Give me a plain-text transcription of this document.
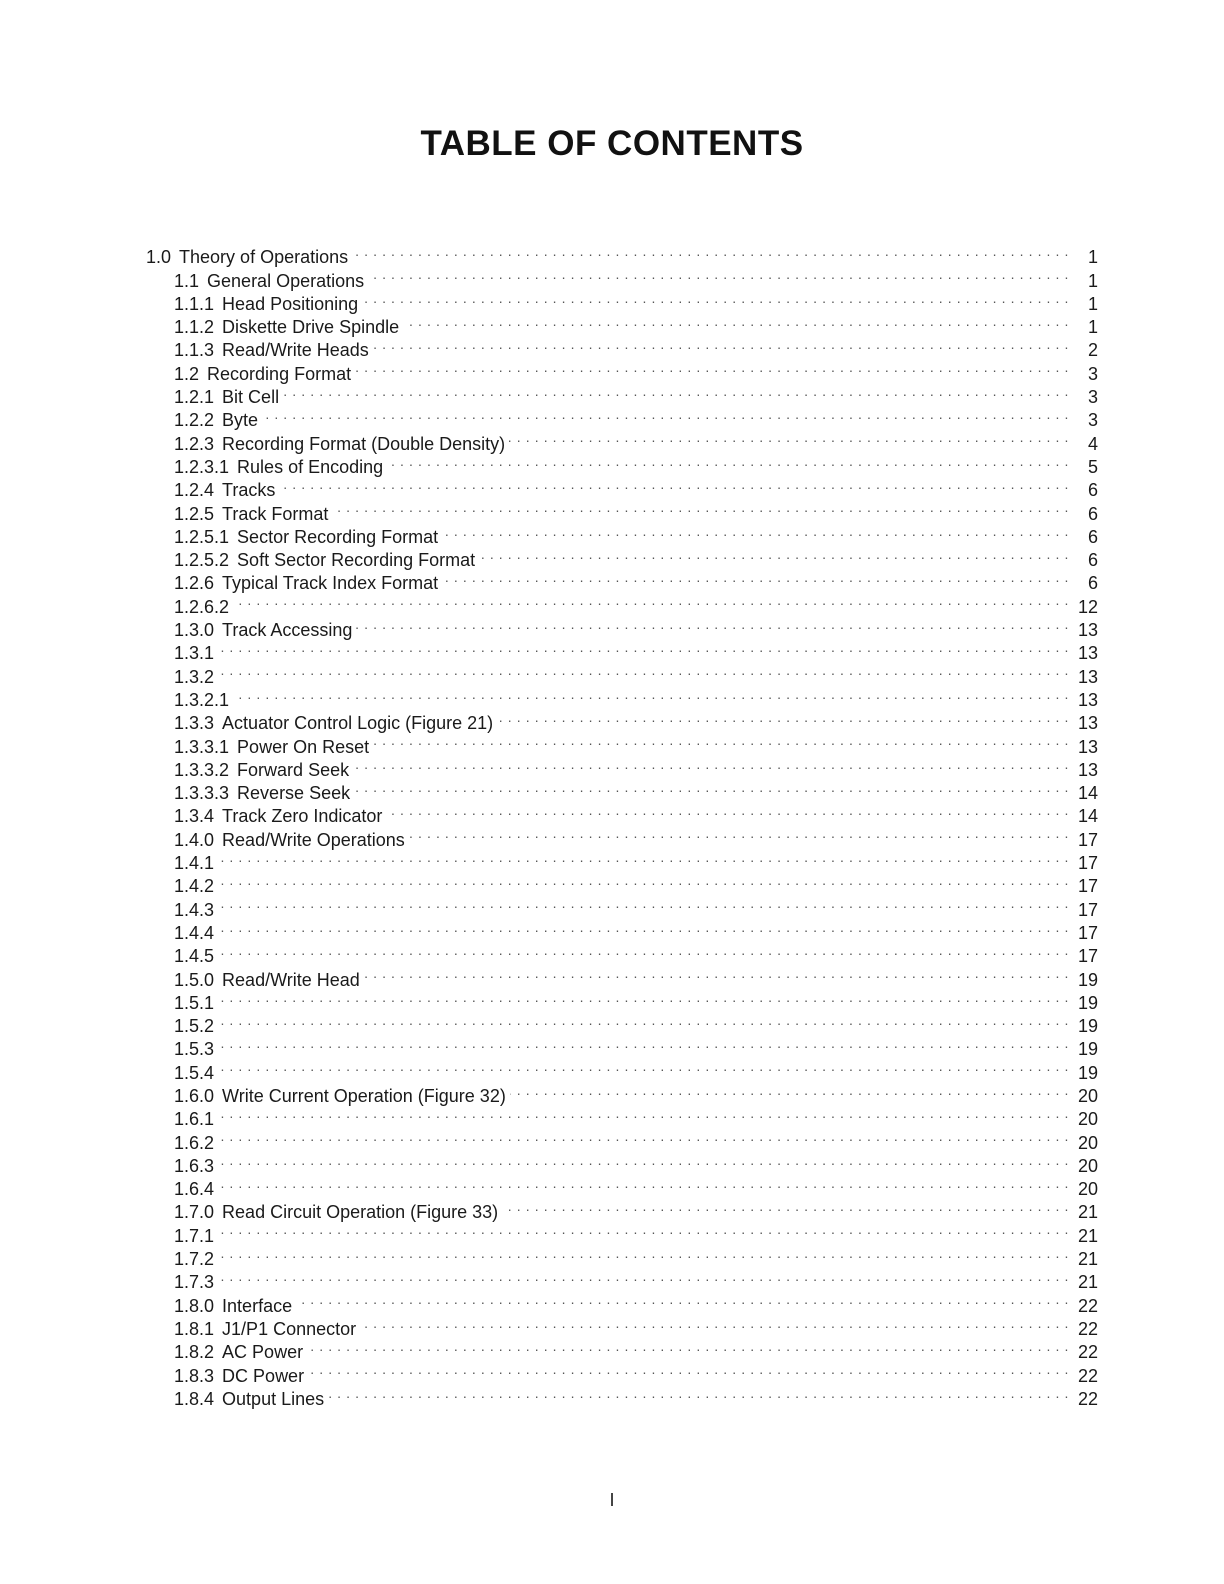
TABLE OF CONTENTS
1.0 Theory of Operations . . .	1
1.1 General Operations . . .	1
1.1.1 Head Positioning . . .	1
1.1.2 Diskette Drive Spindle . . .	1
1.1.3 Read/Write Heads . . .	2
1.2 Recording Format . . .	3
1.2.1 Bit Cell . . .	3
1.2.2 Byte . . .	3
1.2.3 Recording Format (Double Density) . . .	4
1.2.3.1 Rules of Encoding . . .	5
1.2.4 Tracks . . .	6
1.2.5 Track Format . . .	6
1.2.5.1 Sector Recording Format . . .	6
1.2.5.2 Soft Sector Recording Format . . .	6
1.2.6 Typical Track Index Format . . .	6
1.2.6.2 . . .	12
1.3.0 Track Accessing . . .	13
1.3.1 . . .	13
1.3.2 . . .	13
1.3.2.1 . . .	13
1.3.3 Actuator Control Logic (Figure 21) . . .	13
1.3.3.1 Power On Reset . . .	13
1.3.3.2 Forward Seek . . .	13
1.3.3.3 Reverse Seek . . .	14
1.3.4 Track Zero Indicator . . .	14
1.4.0 Read/Write Operations . . .	17
1.4.1 . . .	17
1.4.2 . . .	17
1.4.3 . . .	17
1.4.4 . . .	17
1.4.5 . . .	17
1.5.0 Read/Write Head . . .	19
1.5.1 . . .	19
1.5.2 . . .	19
1.5.3 . . .	19
1.5.4 . . .	19
1.6.0 Write Current Operation (Figure 32) . . .	20
1.6.1 . . .	20
1.6.2 . . .	20
1.6.3 . . .	20
1.6.4 . . .	20
1.7.0 Read Circuit Operation (Figure 33) . . .	21
1.7.1 . . .	21
1.7.2 . . .	21
1.7.3 . . .	21
1.8.0 Interface . . .	22
1.8.1 J1/P1 Connector . . .	22
1.8.2 AC Power . . .	22
1.8.3 DC Power . . .	22
1.8.4 Output Lines . . .	22
I
